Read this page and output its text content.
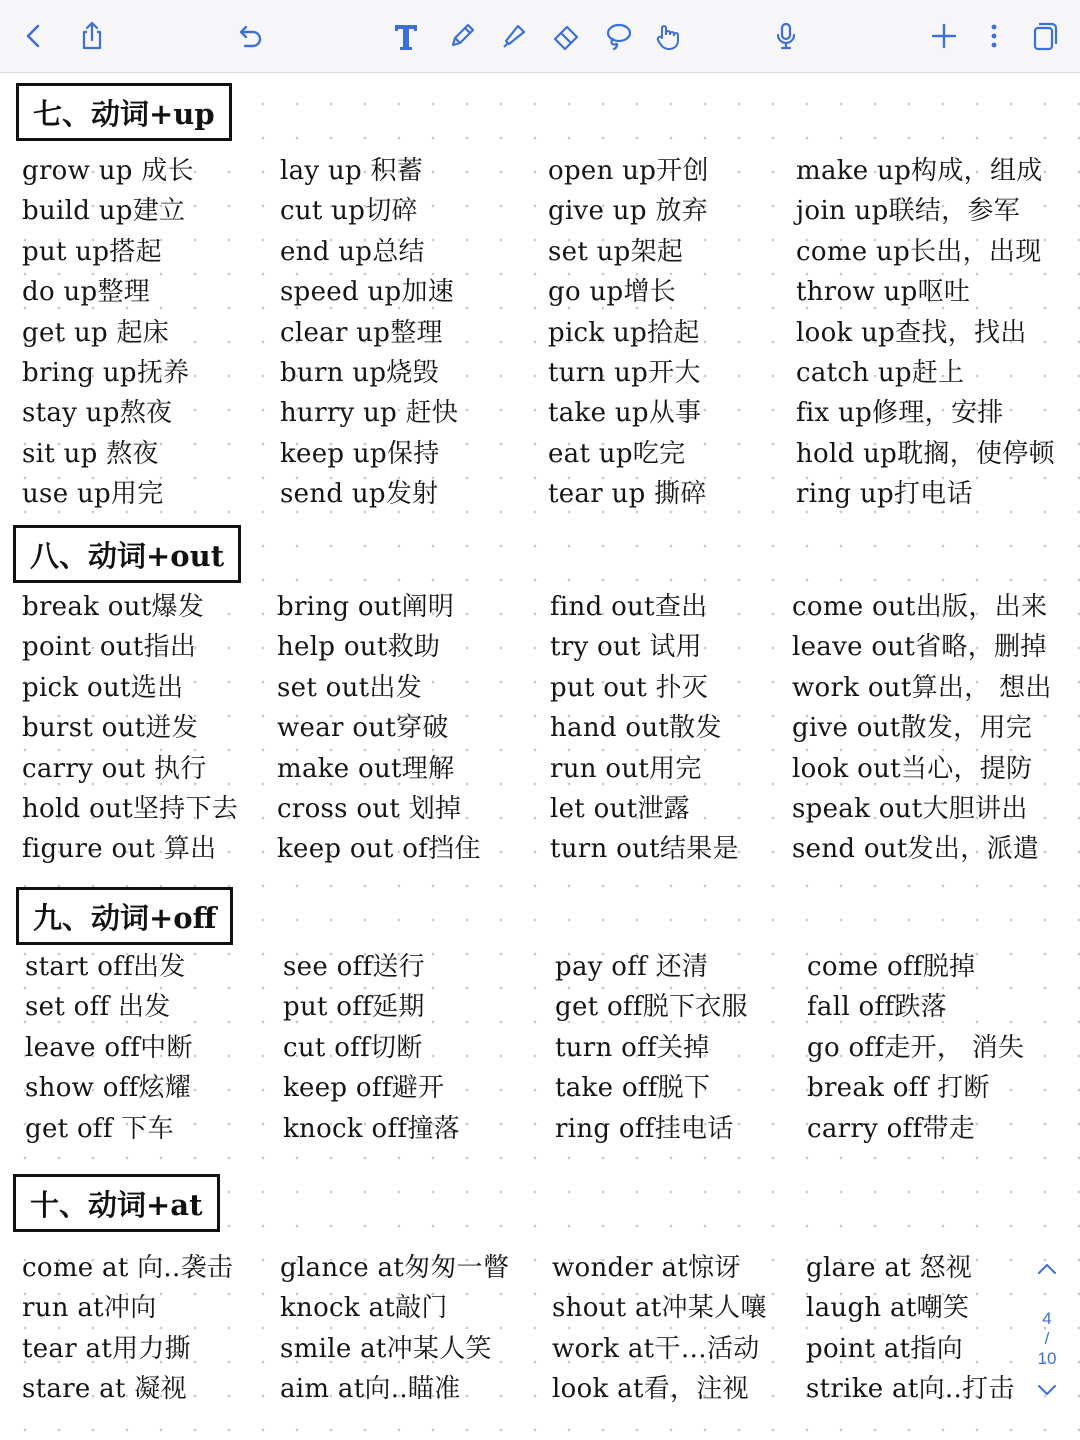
七、动词+up
grow up 成长
build up建立
put up搭起
do up整理
get up 起床
bring up抚养
stay up熬夜
sit up 熬夜
use up用完
lay up 积蓄
cut up切碎
end up总结
speed up加速
clear up整理
burn up烧毁
hurry up 赶快
keep up保持
send up发射
open up开创
give up 放弃
set up架起
go up增长
pick up拾起
turn up开大
take up从事
eat up吃完
tear up 撕碎
make up构成，组成
join up联结，参军
come up长出，出现
throw up呕吐
look up查找，找出
catch up赶上
fix up修理，安排
hold up耽搁，使停顿
ring up打电话
八、动词+out
break out爆发
point out指出
pick out选出
burst out迸发
carry out 执行
hold out坚持下去
figure out 算出
bring out阐明
help out救助
set out出发
wear out穿破
make out理解
cross out 划掉
keep out of挡住
find out查出
try out 试用
put out 扑灭
hand out散发
run out用完
let out泄露
turn out结果是
come out出版，出来
leave out省略，删掉
work out算出， 想出
give out散发，用完
look out当心，提防
speak out大胆讲出
send out发出，派遣
九、动词+off
start off出发
set off 出发
leave off中断
show off炫耀
get off 下车
see off送行
put off延期
cut off切断
keep off避开
knock off撞落
pay off 还清
get off脱下衣服
turn off关掉
take off脱下
ring off挂电话
come off脱掉
fall off跌落
go off走开， 消失
break off 打断
carry off带走
十、动词+at
come at 向..袭击
run at冲向
tear at用力撕
stare at 凝视
glance at匆匆一瞥
knock at敲门
smile at冲某人笑
aim at向..瞄准
wonder at惊讶
shout at冲某人嚷
work at干…活动
look at看，注视
glare at 怒视
laugh at嘲笑
point at指向
strike at向..打击
4
/
10
